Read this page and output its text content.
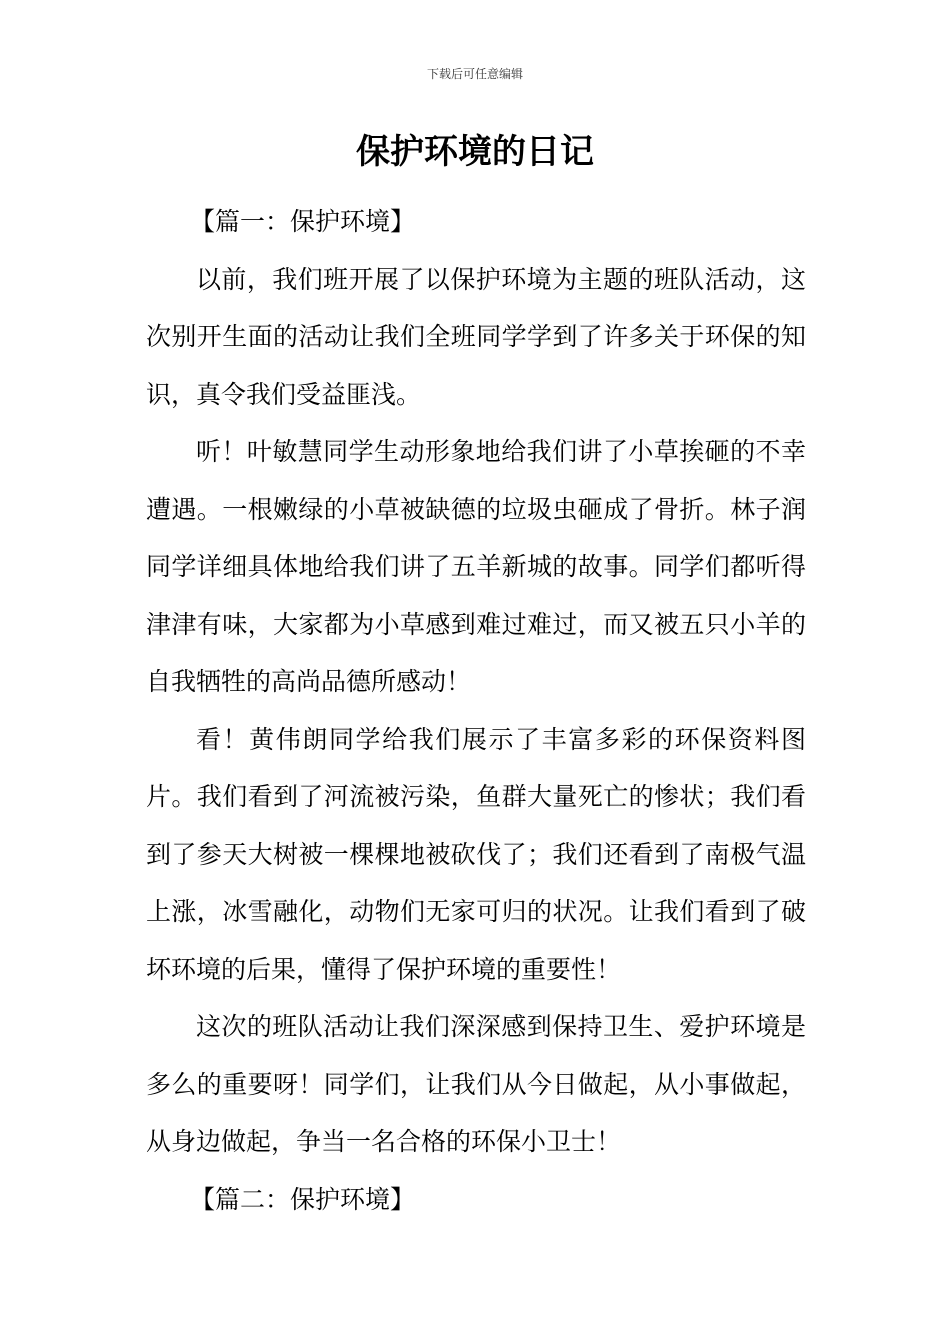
下载后可任意编辑
保护环境的日记

【篇一：保护环境】

以前，我们班开展了以保护环境为主题的班队活动，这次别开生面的活动让我们全班同学学到了许多关于环保的知识，真令我们受益匪浅。

听！叶敏慧同学生动形象地给我们讲了小草挨砸的不幸遭遇。一根嫩绿的小草被缺德的垃圾虫砸成了骨折。林子润同学详细具体地给我们讲了五羊新城的故事。同学们都听得津津有味，大家都为小草感到难过难过，而又被五只小羊的自我牺牲的高尚品德所感动！

看！黄伟朗同学给我们展示了丰富多彩的环保资料图片。我们看到了河流被污染，鱼群大量死亡的惨状；我们看到了参天大树被一棵棵地被砍伐了；我们还看到了南极气温上涨，冰雪融化，动物们无家可归的状况。让我们看到了破坏环境的后果，懂得了保护环境的重要性！

这次的班队活动让我们深深感到保持卫生、爱护环境是多么的重要呀！同学们，让我们从今日做起，从小事做起，从身边做起，争当一名合格的环保小卫士！

【篇二：保护环境】
